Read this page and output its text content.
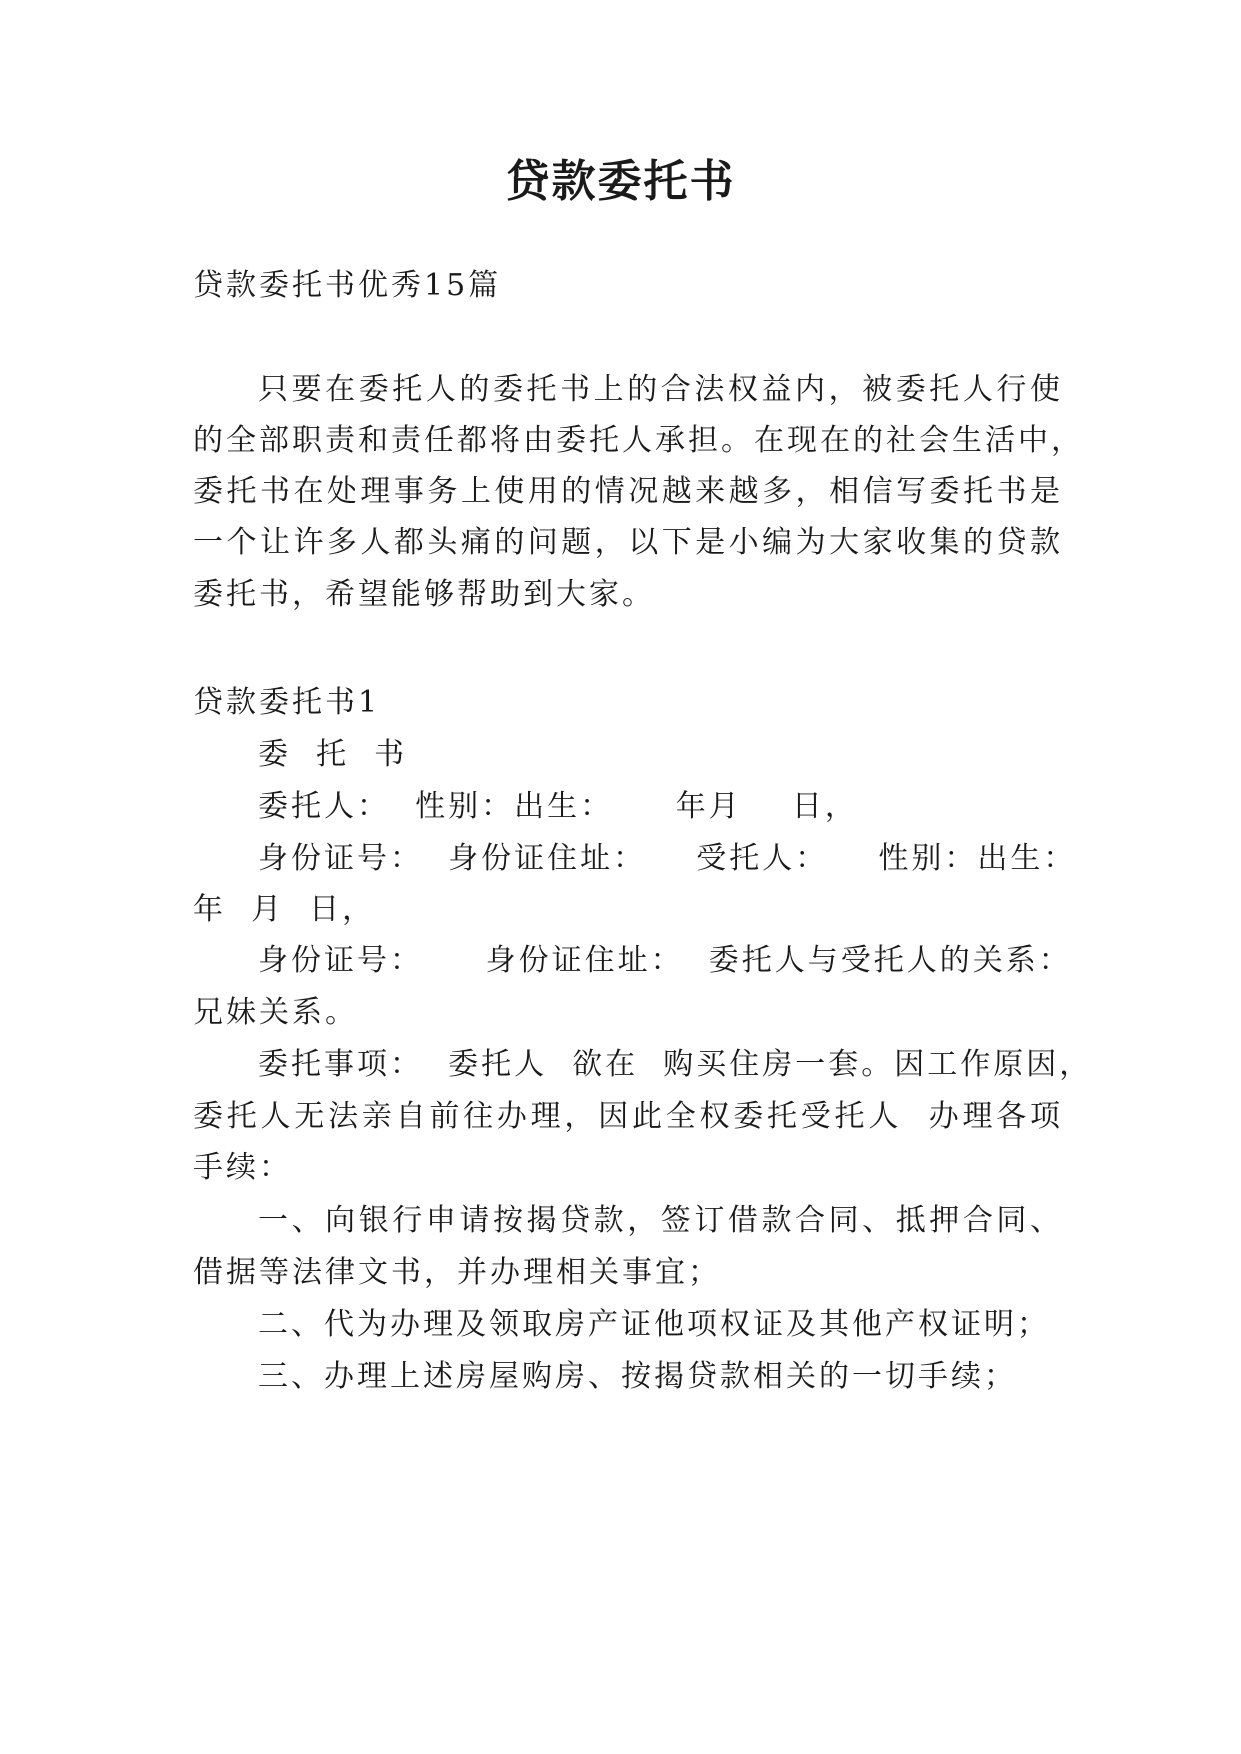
贷款委托书

贷款委托书优秀15篇

只要在委托人的委托书上的合法权益内，被委托人行使

的全部职责和责任都将由委托人承担。在现在的社会生活中，

委托书在处理事务上使用的情况越来越多，相信写委托书是

一个让许多人都头痛的问题，以下是小编为大家收集的贷款

委托书，希望能够帮助到大家。

贷款委托书1

委  托  书

委托人：  性别：出生：     年月    日，

身份证号：  身份证住址：    受托人：    性别：出生：

年  月  日，

身份证号：     身份证住址：  委托人与受托人的关系：

兄妹关系。

委托事项：  委托人  欲在  购买住房一套。因工作原因，

委托人无法亲自前往办理，因此全权委托受托人  办理各项

手续：

一、向银行申请按揭贷款，签订借款合同、抵押合同、

借据等法律文书，并办理相关事宜；

二、代为办理及领取房产证他项权证及其他产权证明；

三、办理上述房屋购房、按揭贷款相关的一切手续；
